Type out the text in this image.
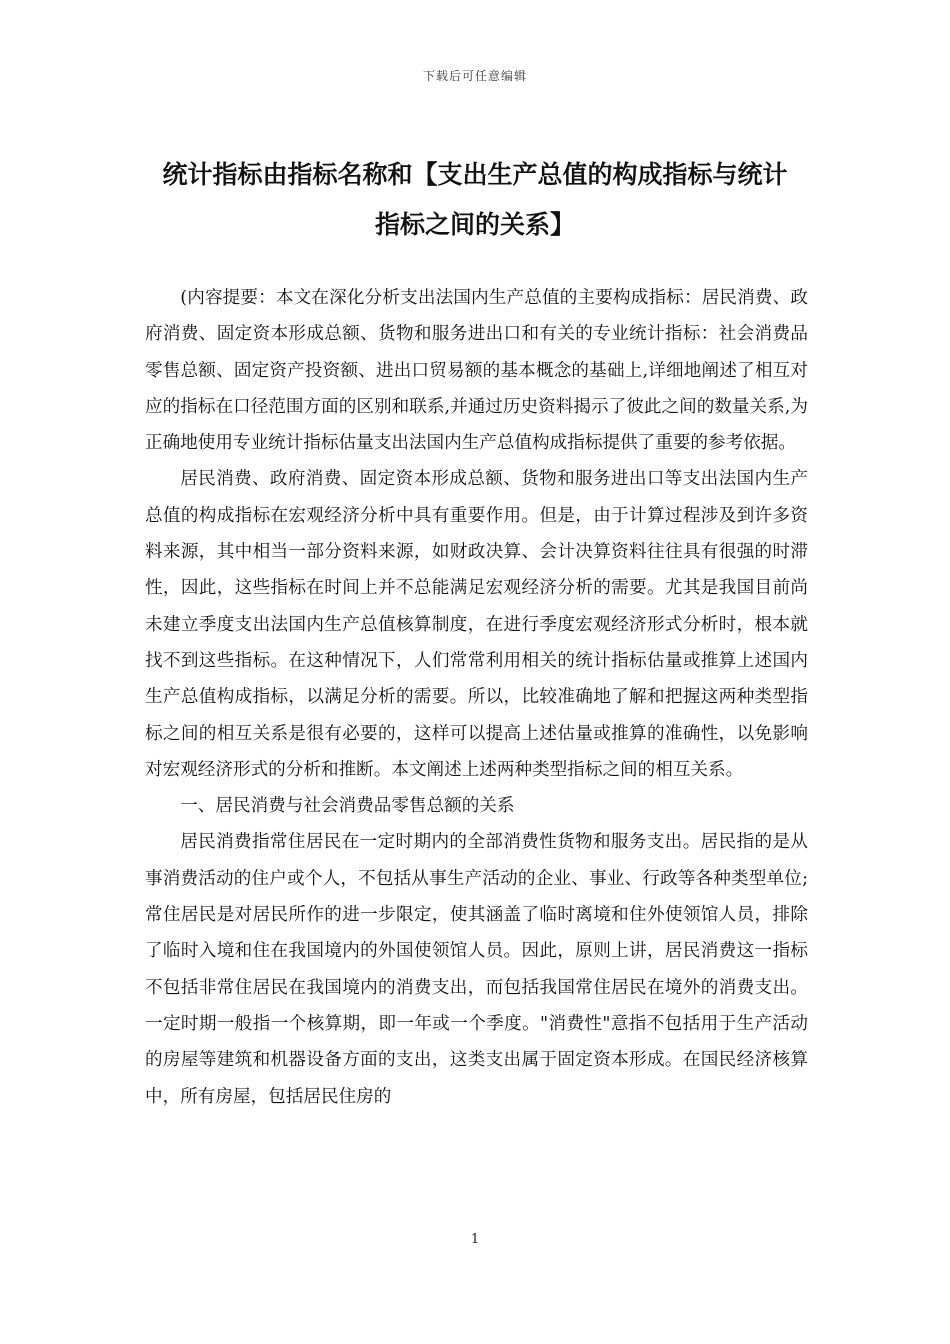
下载后可任意编辑
统计指标由指标名称和【支出生产总值的构成指标与统计
指标之间的关系】

(内容提要：本文在深化分析支出法国内生产总值的主要构成指标：居民消费、政府消费、固定资本形成总额、货物和服务进出口和有关的专业统计指标：社会消费品零售总额、固定资产投资额、进出口贸易额的基本概念的基础上,详细地阐述了相互对应的指标在口径范围方面的区别和联系,并通过历史资料揭示了彼此之间的数量关系,为正确地使用专业统计指标估量支出法国内生产总值构成指标提供了重要的参考依据。

居民消费、政府消费、固定资本形成总额、货物和服务进出口等支出法国内生产总值的构成指标在宏观经济分析中具有重要作用。但是，由于计算过程涉及到许多资料来源，其中相当一部分资料来源，如财政决算、会计决算资料往往具有很强的时滞性，因此，这些指标在时间上并不总能满足宏观经济分析的需要。尤其是我国目前尚未建立季度支出法国内生产总值核算制度，在进行季度宏观经济形式分析时，根本就找不到这些指标。在这种情况下，人们常常利用相关的统计指标估量或推算上述国内生产总值构成指标，以满足分析的需要。所以，比较准确地了解和把握这两种类型指标之间的相互关系是很有必要的，这样可以提高上述估量或推算的准确性，以免影响对宏观经济形式的分析和推断。本文阐述上述两种类型指标之间的相互关系。

一、居民消费与社会消费品零售总额的关系

居民消费指常住居民在一定时期内的全部消费性货物和服务支出。居民指的是从事消费活动的住户或个人，不包括从事生产活动的企业、事业、行政等各种类型单位;常住居民是对居民所作的进一步限定，使其涵盖了临时离境和住外使领馆人员，排除了临时入境和住在我国境内的外国使领馆人员。因此，原则上讲，居民消费这一指标不包括非常住居民在我国境内的消费支出，而包括我国常住居民在境外的消费支出。一定时期一般指一个核算期，即一年或一个季度。"消费性"意指不包括用于生产活动的房屋等建筑和机器设备方面的支出，这类支出属于固定资本形成。在国民经济核算中，所有房屋，包括居民住房的

1
